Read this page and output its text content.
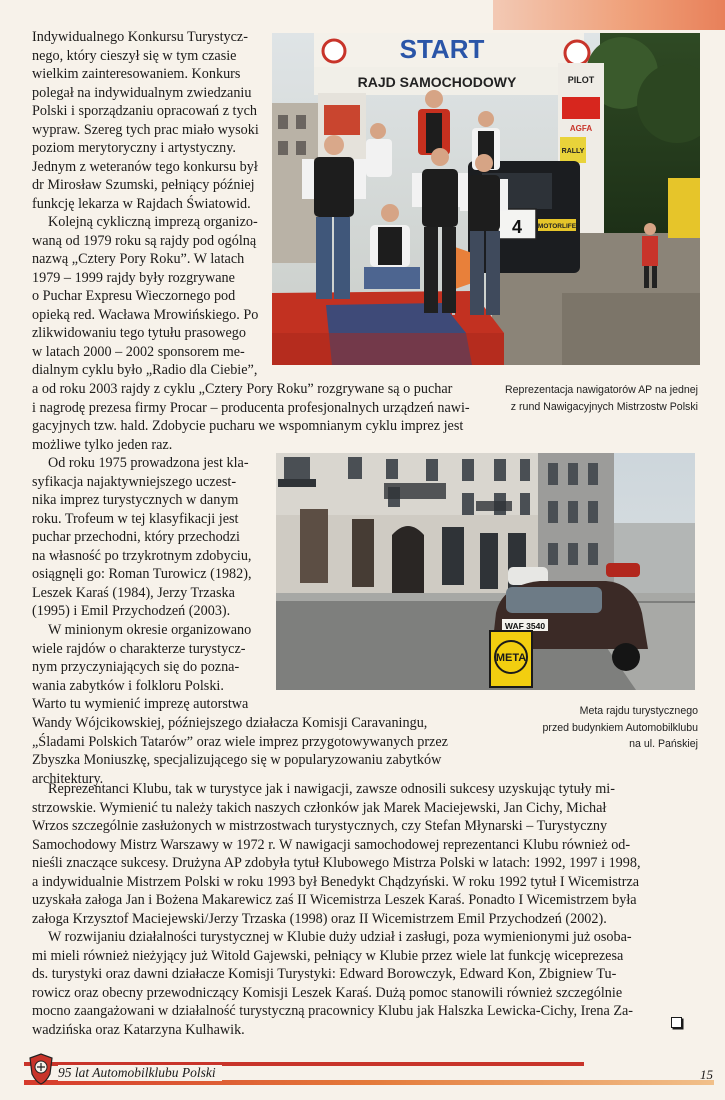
Indywidualnego Konkursu Turystycz-
nego, który cieszył się w tym czasie
wielkim zainteresowaniem. Konkurs
polegał na indywidualnym zwiedzaniu
Polski i sporządzaniu opracowań z tych
wypraw. Szereg tych prac miało wysoki
poziom merytoryczny i artystyczny.
Jednym z weteranów tego konkursu był
dr Mirosław Szumski, pełniący później
funkcję lekarza w Rajdach Światowid.
Kolejną cykliczną imprezą organizo-
waną od 1979 roku są rajdy pod ogólną
nazwą „Cztery Pory Roku”. W latach
1979 – 1999 rajdy były rozgrywane
o Puchar Expresu Wieczornego pod
opieką red. Wacława Mrowińskiego. Po
zlikwidowaniu tego tytułu prasowego
w latach 2000 – 2002 sponsorem me-
dialnym cyklu było „Radio dla Ciebie”,
a od roku 2003 rajdy z cyklu „Cztery Pory Roku” rozgrywane są o puchar
i nagrodę prezesa firmy Procar – producenta profesjonalnych urządzeń nawi-
gacyjnych tzw. hald. Zdobycie pucharu we wspomnianym cyklu imprez jest
możliwe tylko jeden raz.
Od roku 1975 prowadzona jest kla-
syfikacja najaktywniejszego uczest-
nika imprez turystycznych w danym
roku. Trofeum w tej klasyfikacji jest
puchar przechodni, który przechodzi
na własność po trzykrotnym zdobyciu,
osiągnęli go: Roman Turowicz (1982),
Leszek Karaś (1984), Jerzy Trzaska
(1995) i Emil Przychodzeń (2003).
W minionym okresie organizowano
wiele rajdów o charakterze turystycz-
nym przyczyniających się do pozna-
wania zabytków i folkloru Polski.
Warto tu wymienić imprezę autorstwa
Wandy Wójcikowskiej, późniejszego działacza Komisji Caravaningu,
„Śladami Polskich Tatarów” oraz wiele imprez przygotowywanych przez
Zbyszka Moniuszkę, specjalizującego się w popularyzowaniu zabytków
architektury.
Reprezentanci Klubu, tak w turystyce jak i nawigacji, zawsze odnosili sukcesy uzyskując tytuły mi-
strzowskie. Wymienić tu należy takich naszych członków jak Marek Maciejewski, Jan Cichy, Michał
Wrzos szczególnie zasłużonych w mistrzostwach turystycznych, czy Stefan Młynarski – Turystyczny
Samochodowy Mistrz Warszawy w 1972 r. W nawigacji samochodowej reprezentanci Klubu również od-
nieśli znaczące sukcesy. Drużyna AP zdobyła tytuł Klubowego Mistrza Polski w latach: 1992, 1997 i 1998,
a indywidualnie Mistrzem Polski w roku 1993 był Benedykt Chądzyński. W roku 1992 tytuł I Wicemistrza
uzyskała załoga Jan i Bożena Makarewicz zaś II Wicemistrza Leszek Karaś. Ponadto I Wicemistrzem była
załoga Krzysztof Maciejewski/Jerzy Trzaska (1998) oraz II Wicemistrzem Emil Przychodzeń (2002).
W rozwijaniu działalności turystycznej w Klubie duży udział i zasługi, poza wymienionymi już osoba-
mi mieli również nieżyjący już Witold Gajewski, pełniący w Klubie przez wiele lat funkcję wiceprezesa
ds. turystyki oraz dawni działacze Komisji Turystyki: Edward Borowczyk, Edward Kon, Zbigniew Tu-
rowicz oraz obecny przewodniczący Komisji Leszek Karaś. Dużą pomoc stanowili również szczególnie
mocno zaangażowani w działalność turystyczną pracownicy Klubu jak Halszka Lewicka-Cichy, Irena Za-
wadzińska oraz Katarzyna Kulhawik.
START
RAJD SAMOCHODOWY	PILOT
AGFA
RALLY
4 MOTORLIFE
Reprezentacja nawigatorów AP na jednej
z rund Nawigacyjnych Mistrzostw Polski
WAF 3540
META
Meta rajdu turystycznego
przed budynkiem Automobilklubu
na ul. Pańskiej
95 lat Automobilklubu Polski	15
